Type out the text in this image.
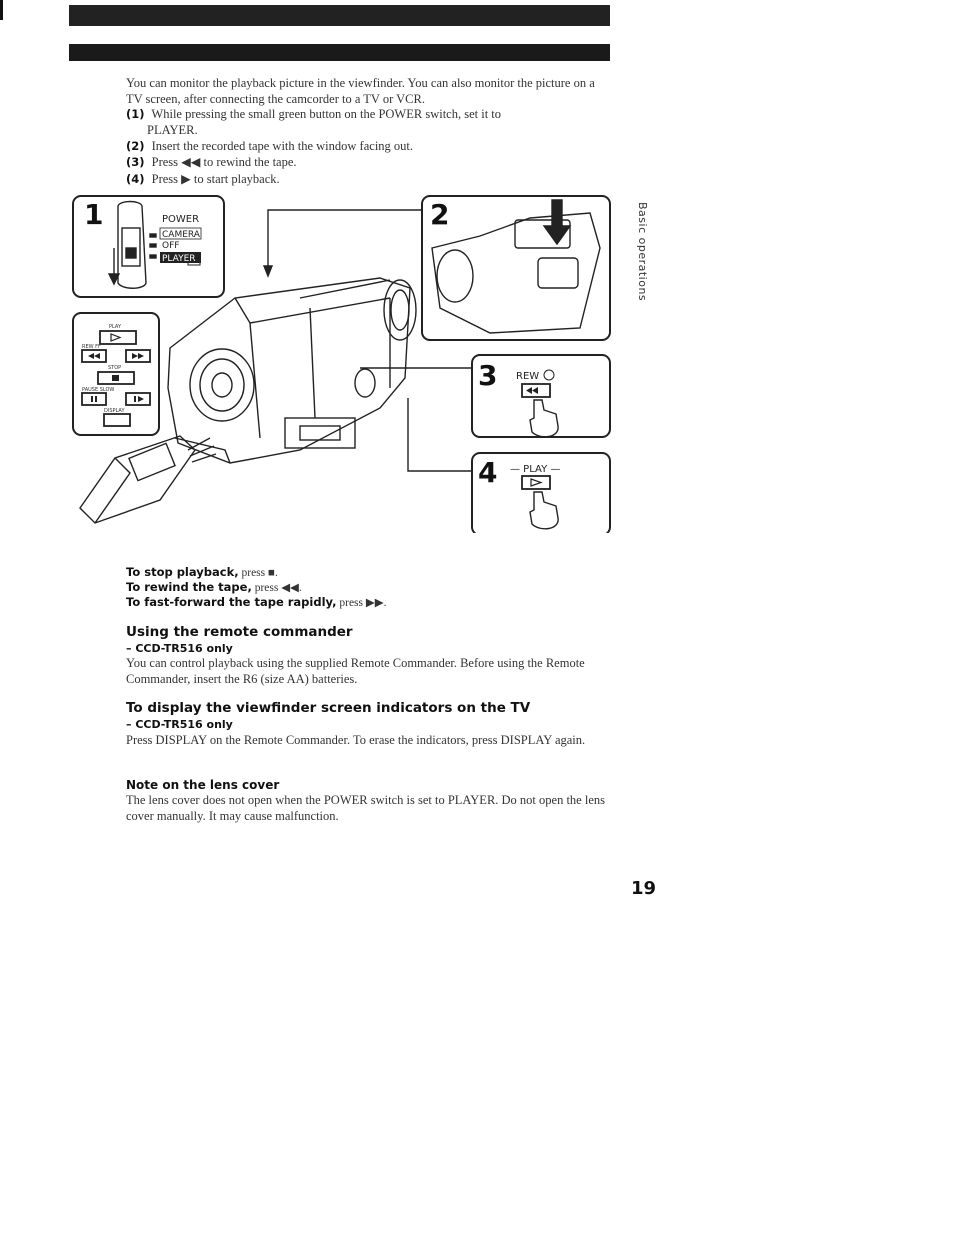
You can monitor the playback picture in the viewfinder. You can also monitor the picture on a TV screen, after connecting the camcorder to a TV or VCR.
(1) While pressing the small green button on the POWER switch, set it to
PLAYER.
(2) Insert the recorded tape with the window facing out.
(3) Press ◀◀ to rewind the tape.
(4) Press ▶ to start playback.
Basic operations
1	2
3
4
POWER
CAMERA
OFF
PLAYER
REW
— PLAY —
PLAY
REW FF
STOP
PAUSE SLOW
DISPLAY
To stop playback, press ■.
To rewind the tape, press ◀◀.
To fast-forward the tape rapidly, press ▶▶.
Using the remote commander
– CCD-TR516 only
You can control playback using the supplied Remote Commander. Before using the Remote Commander, insert the R6 (size AA) batteries.
To display the viewfinder screen indicators on the TV
– CCD-TR516 only
Press DISPLAY on the Remote Commander. To erase the indicators, press DISPLAY again.
Note on the lens cover
The lens cover does not open when the POWER switch is set to PLAYER. Do not open the lens cover manually. It may cause malfunction.
19
